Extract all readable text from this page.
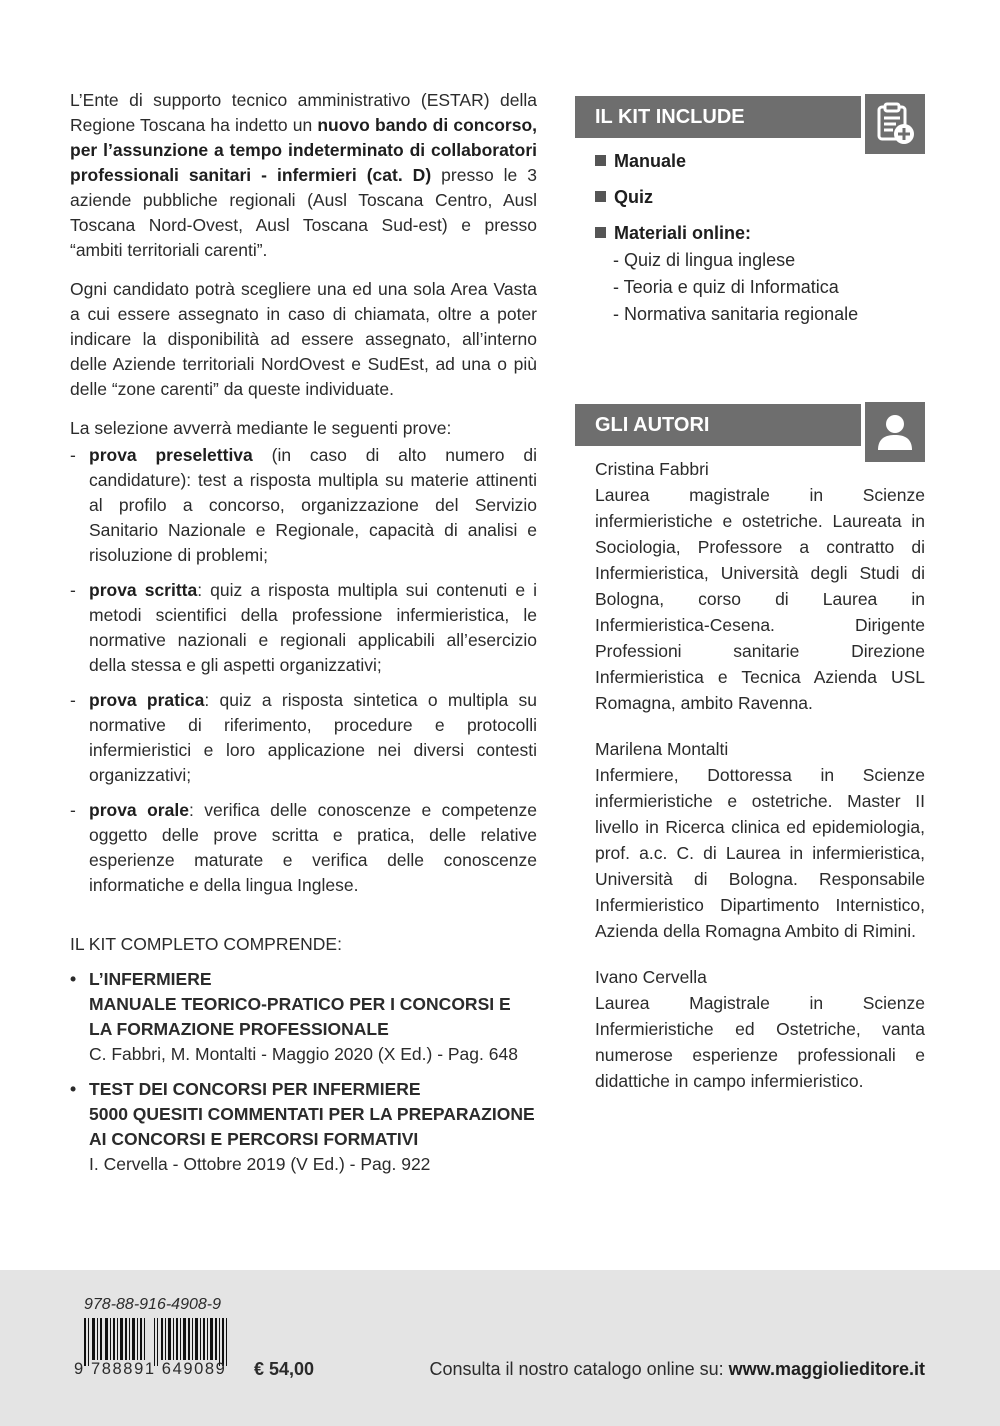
L’Ente di supporto tecnico amministrativo (ESTAR) della Regione Toscana ha indetto un nuovo bando di concorso, per l’assunzione a tempo indeterminato di collaboratori professionali sanitari - infermieri (cat. D) presso le 3 aziende pubbliche regionali (Ausl Toscana Centro, Ausl Toscana Nord-Ovest, Ausl Toscana Sud-est) e presso “ambiti territoriali carenti”.

Ogni candidato potrà scegliere una ed una sola Area Vasta a cui essere assegnato in caso di chiamata, oltre a poter indicare la disponibilità ad essere assegnato, all’interno delle Aziende territoriali NordOvest e SudEst, ad una o più delle “zone carenti” da queste individuate.

La selezione avverrà mediante le seguenti prove:

- prova preselettiva (in caso di alto numero di candidature): test a risposta multipla su materie attinenti al profilo a concorso, organizzazione del Servizio Sanitario Nazionale e Regionale, capacità di analisi e risoluzione di problemi;
- prova scritta: quiz a risposta multipla sui contenuti e i metodi scientifici della professione infermieristica, le normative nazionali e regionali applicabili all’esercizio della stessa e gli aspetti organizzativi;
- prova pratica: quiz a risposta sintetica o multipla su normative di riferimento, procedure e protocolli infermieristici e loro applicazione nei diversi contesti organizzativi;
- prova orale: verifica delle conoscenze e competenze oggetto delle prove scritta e pratica, delle relative esperienze maturate e verifica delle conoscenze informatiche e della lingua Inglese.
IL KIT COMPLETO COMPRENDE:
• L’INFERMIERE
MANUALE TEORICO-PRATICO PER I CONCORSI E LA FORMAZIONE PROFESSIONALE
C. Fabbri, M. Montalti - Maggio 2020 (X Ed.) - Pag. 648
• TEST DEI CONCORSI PER INFERMIERE
5000 QUESITI COMMENTATI PER LA PREPARAZIONE AI CONCORSI E PERCORSI FORMATIVI
I. Cervella - Ottobre 2019 (V Ed.) - Pag. 922
IL KIT INCLUDE
Manuale
Quiz
Materiali online:
- Quiz di lingua inglese
- Teoria e quiz di Informatica
- Normativa sanitaria regionale
GLI AUTORI
Cristina Fabbri
Laurea magistrale in Scienze infermieristiche e ostetriche. Laureata in Sociologia, Professore a contratto di Infermieristica, Università degli Studi di Bologna, corso di Laurea in Infermieristica-Cesena. Dirigente Professioni sanitarie Direzione Infermieristica e Tecnica Azienda USL Romagna, ambito Ravenna.
Marilena Montalti
Infermiere, Dottoressa in Scienze infermieristiche e ostetriche. Master II livello in Ricerca clinica ed epidemiologia, prof. a.c. C. di Laurea in infermieristica, Università di Bologna. Responsabile Infermieristico Dipartimento Internistico, Azienda della Romagna Ambito di Rimini.
Ivano Cervella
Laurea Magistrale in Scienze Infermieristiche ed Ostetriche, vanta numerose esperienze professionali e didattiche in campo infermieristico.
978-88-916-4908-9
9 788891 649089 € 54,00	Consulta il nostro catalogo online su: www.maggiolieditore.it
